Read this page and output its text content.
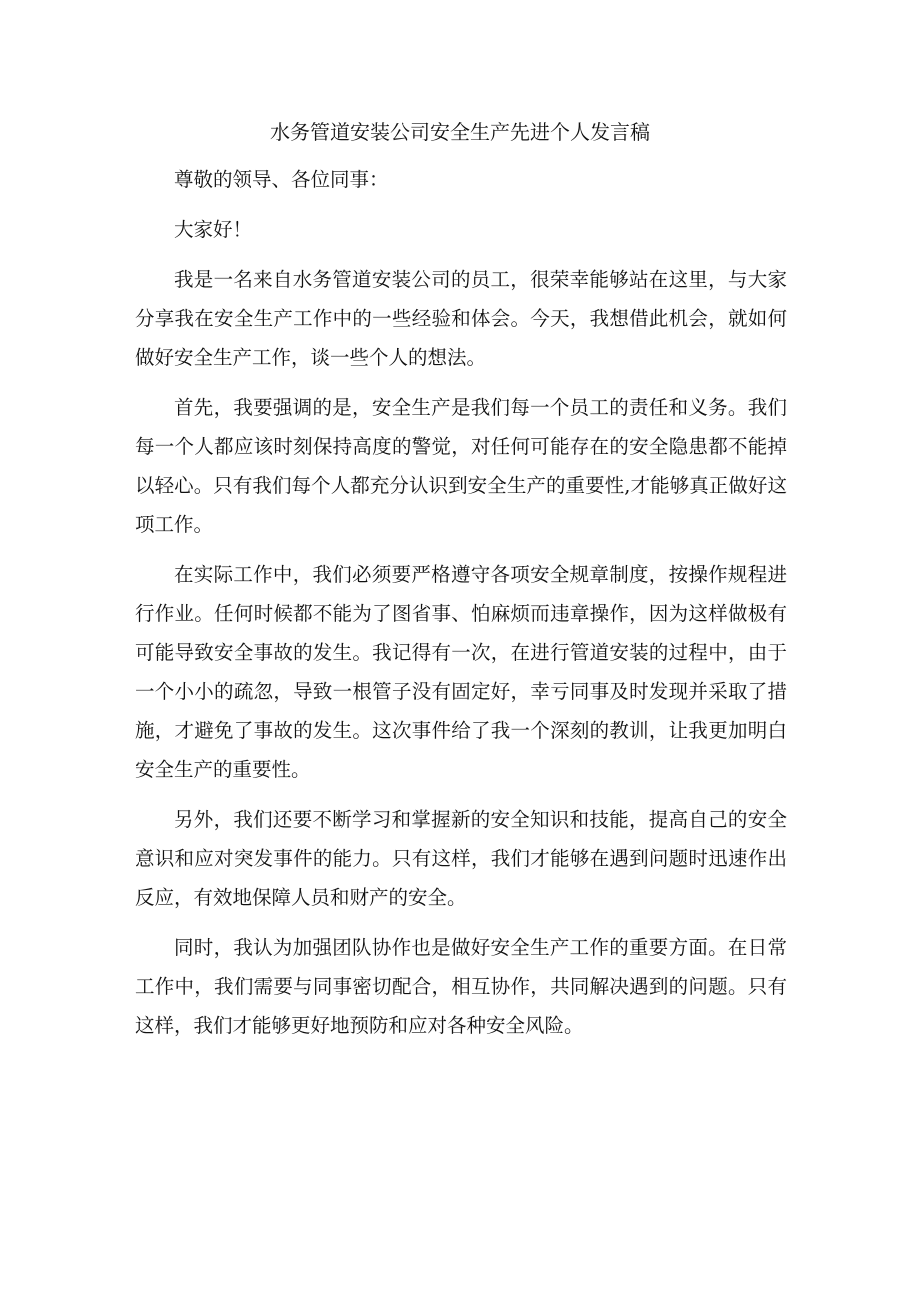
水务管道安装公司安全生产先进个人发言稿

尊敬的领导、各位同事：

大家好！

我是一名来自水务管道安装公司的员工，很荣幸能够站在这里，与大家分享我在安全生产工作中的一些经验和体会。今天，我想借此机会，就如何做好安全生产工作，谈一些个人的想法。

首先，我要强调的是，安全生产是我们每一个员工的责任和义务。我们每一个人都应该时刻保持高度的警觉，对任何可能存在的安全隐患都不能掉以轻心。只有我们每个人都充分认识到安全生产的重要性,才能够真正做好这项工作。

在实际工作中，我们必须要严格遵守各项安全规章制度，按操作规程进行作业。任何时候都不能为了图省事、怕麻烦而违章操作，因为这样做极有可能导致安全事故的发生。我记得有一次，在进行管道安装的过程中，由于一个小小的疏忽，导致一根管子没有固定好，幸亏同事及时发现并采取了措施，才避免了事故的发生。这次事件给了我一个深刻的教训，让我更加明白安全生产的重要性。

另外，我们还要不断学习和掌握新的安全知识和技能，提高自己的安全意识和应对突发事件的能力。只有这样，我们才能够在遇到问题时迅速作出反应，有效地保障人员和财产的安全。

同时，我认为加强团队协作也是做好安全生产工作的重要方面。在日常工作中，我们需要与同事密切配合，相互协作，共同解决遇到的问题。只有这样，我们才能够更好地预防和应对各种安全风险。
